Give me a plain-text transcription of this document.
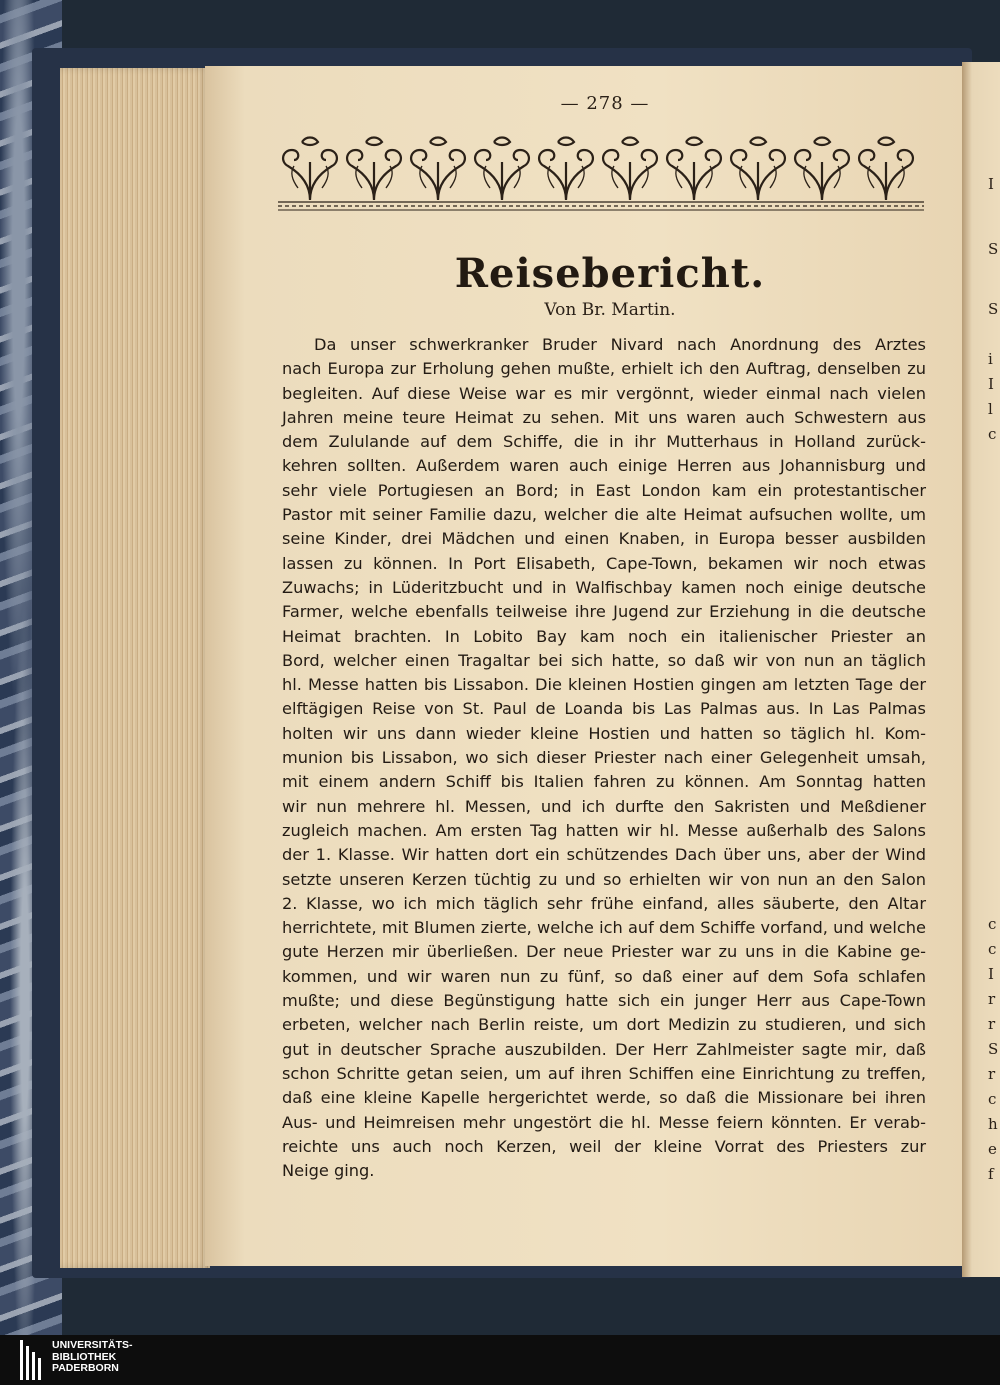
I
S
S
i
I
l
c
c
c
I
r
r
S
r
c
h
e
f
— 278 —
Reisebericht.
Von Br. Martin.
Da unser schwerkranker Bruder Nivard nach Anordnung des Arztes
nach Europa zur Erholung gehen mußte, erhielt ich den Auftrag, denselben zu
begleiten. Auf diese Weise war es mir vergönnt, wieder einmal nach vielen
Jahren meine teure Heimat zu sehen. Mit uns waren auch Schwestern aus
dem Zululande auf dem Schiffe, die in ihr Mutterhaus in Holland zurück-
kehren sollten. Außerdem waren auch einige Herren aus Johannisburg und
sehr viele Portugiesen an Bord; in East London kam ein protestantischer
Pastor mit seiner Familie dazu, welcher die alte Heimat aufsuchen wollte, um
seine Kinder, drei Mädchen und einen Knaben, in Europa besser ausbilden
lassen zu können. In Port Elisabeth, Cape-Town, bekamen wir noch etwas
Zuwachs; in Lüderitzbucht und in Walfischbay kamen noch einige deutsche
Farmer, welche ebenfalls teilweise ihre Jugend zur Erziehung in die deutsche
Heimat brachten. In Lobito Bay kam noch ein italienischer Priester an
Bord, welcher einen Tragaltar bei sich hatte, so daß wir von nun an täglich
hl. Messe hatten bis Lissabon. Die kleinen Hostien gingen am letzten Tage der
elftägigen Reise von St. Paul de Loanda bis Las Palmas aus. In Las Palmas
holten wir uns dann wieder kleine Hostien und hatten so täglich hl. Kom-
munion bis Lissabon, wo sich dieser Priester nach einer Gelegenheit umsah,
mit einem andern Schiff bis Italien fahren zu können. Am Sonntag hatten
wir nun mehrere hl. Messen, und ich durfte den Sakristen und Meßdiener
zugleich machen. Am ersten Tag hatten wir hl. Messe außerhalb des Salons
der 1. Klasse. Wir hatten dort ein schützendes Dach über uns, aber der Wind
setzte unseren Kerzen tüchtig zu und so erhielten wir von nun an den Salon
2. Klasse, wo ich mich täglich sehr frühe einfand, alles säuberte, den Altar
herrichtete, mit Blumen zierte, welche ich auf dem Schiffe vorfand, und welche
gute Herzen mir überließen. Der neue Priester war zu uns in die Kabine ge-
kommen, und wir waren nun zu fünf, so daß einer auf dem Sofa schlafen
mußte; und diese Begünstigung hatte sich ein junger Herr aus Cape-Town
erbeten, welcher nach Berlin reiste, um dort Medizin zu studieren, und sich
gut in deutscher Sprache auszubilden. Der Herr Zahlmeister sagte mir, daß
schon Schritte getan seien, um auf ihren Schiffen eine Einrichtung zu treffen,
daß eine kleine Kapelle hergerichtet werde, so daß die Missionare bei ihren
Aus- und Heimreisen mehr ungestört die hl. Messe feiern könnten. Er verab-
reichte uns auch noch Kerzen, weil der kleine Vorrat des Priesters zur
Neige ging.
UNIVERSITÄTS-
BIBLIOTHEK
PADERBORN
